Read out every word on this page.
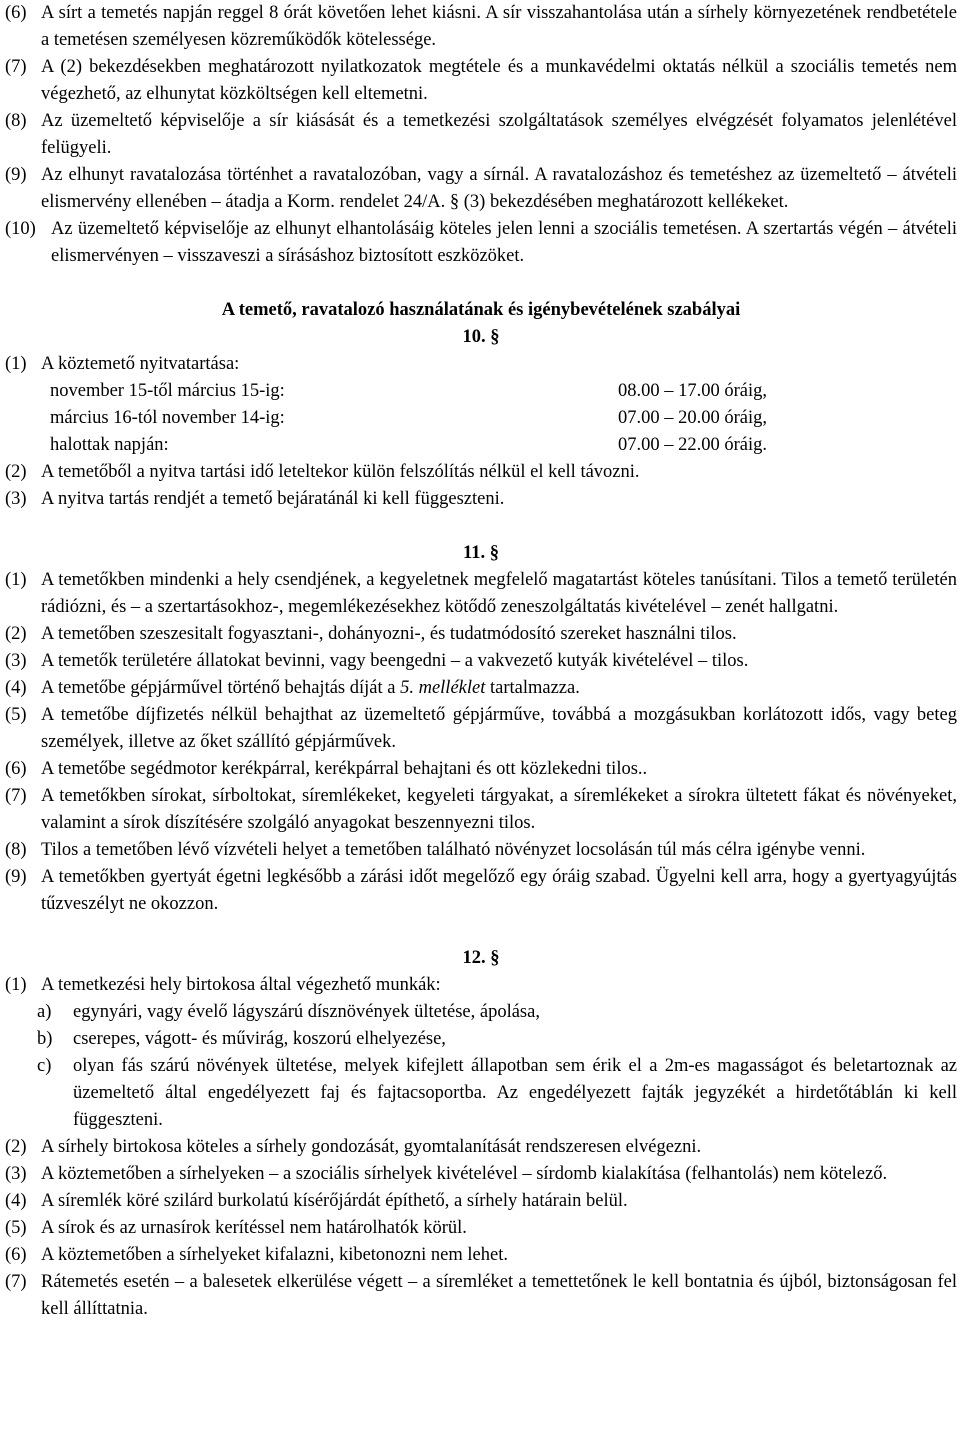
(6) A sírt a temetés napján reggel 8 órát követően lehet kiásni. A sír visszahantolása után a sírhely környezetének rendbetétele a temetésen személyesen közreműködők kötelessége.
(7) A (2) bekezdésekben meghatározott nyilatkozatok megtétele és a munkavédelmi oktatás nélkül a szociális temetés nem végezhető, az elhunytat közköltségen kell eltemetni.
(8) Az üzemeltető képviselője a sír kiásását és a temetkezési szolgáltatások személyes elvégzését folyamatos jelenlétével felügyeli.
(9) Az elhunyt ravatalozása történhet a ravatalozóban, vagy a sírnál. A ravatalozáshoz és temetéshez az üzemeltető – átvételi elismervény ellenében – átadja a Korm. rendelet 24/A. § (3) bekezdésében meghatározott kellékeket.
(10) Az üzemeltető képviselője az elhunyt elhantolásáig köteles jelen lenni a szociális temetésen. A szertartás végén – átvételi elismervényen – visszaveszi a sírásáshoz biztosított eszközöket.
A temető, ravatalozó használatának és igénybevételének szabályai
10. §
(1) A köztemető nyitvatartása:
november 15-től március 15-ig:	08.00 – 17.00 óráig,
március 16-tól november 14-ig:	07.00 – 20.00 óráig,
halottak napján:	07.00 – 22.00 óráig.
(2) A temetőből a nyitva tartási idő leteltekor külön felszólítás nélkül el kell távozni.
(3) A nyitva tartás rendjét a temető bejáratánál ki kell függeszteni.
11. §
(1) A temetőkben mindenki a hely csendjének, a kegyeletnek megfelelő magatartást köteles tanúsítani. Tilos a temető területén rádiózni, és – a szertartásokhoz-, megemlékezésekhez kötődő zeneszolgáltatás kivételével – zenét hallgatni.
(2) A temetőben szeszesitalt fogyasztani-, dohányozni-, és tudatmódosító szereket használni tilos.
(3) A temetők területére állatokat bevinni, vagy beengedni – a vakvezető kutyák kivételével – tilos.
(4) A temetőbe gépjárművel történő behajtás díját a 5. melléklet tartalmazza.
(5) A temetőbe díjfizetés nélkül behajthat az üzemeltető gépjárműve, továbbá a mozgásukban korlátozott idős, vagy beteg személyek, illetve az őket szállító gépjárművek.
(6) A temetőbe segédmotor kerékpárral, kerékpárral behajtani és ott közlekedni tilos..
(7) A temetőkben sírokat, sírboltokat, síremlékeket, kegyeleti tárgyakat, a síremlékeket a sírokra ültetett fákat és növényeket, valamint a sírok díszítésére szolgáló anyagokat beszennyezni tilos.
(8) Tilos a temetőben lévő vízvételi helyet a temetőben található növényzet locsolásán túl más célra igénybe venni.
(9) A temetőkben gyertyát égetni legkésőbb a zárási időt megelőző egy óráig szabad. Ügyelni kell arra, hogy a gyertyagyújtás tűzveszélyt ne okozzon.
12. §
(1) A temetkezési hely birtokosa által végezhető munkák:
a)	egynyári, vagy évelő lágyszárú dísznövények ültetése, ápolása,
b)	cserepes, vágott- és művirág, koszorú elhelyezése,
c)	olyan fás szárú növények ültetése, melyek kifejlett állapotban sem érik el a 2m-es magasságot és beletartoznak az üzemeltető által engedélyezett faj és fajtacsoportba. Az engedélyezett fajták jegyzékét a hirdetőtáblán ki kell függeszteni.
(2) A sírhely birtokosa köteles a sírhely gondozását, gyomtalanítását rendszeresen elvégezni.
(3) A köztemetőben a sírhelyeken – a szociális sírhelyek kivételével – sírdomb kialakítása (felhantolás) nem kötelező.
(4) A síremlék köré szilárd burkolatú kísérőjárdát építhető, a sírhely határain belül.
(5) A sírok és az urnasírok kerítéssel nem határolhatók körül.
(6) A köztemetőben a sírhelyeket kifalazni, kibetonozni nem lehet.
(7) Rátemetés esetén – a balesetek elkerülése végett – a síremléket a temettetőnek le kell bontatnia és újból, biztonságosan fel kell állíttatnia.
